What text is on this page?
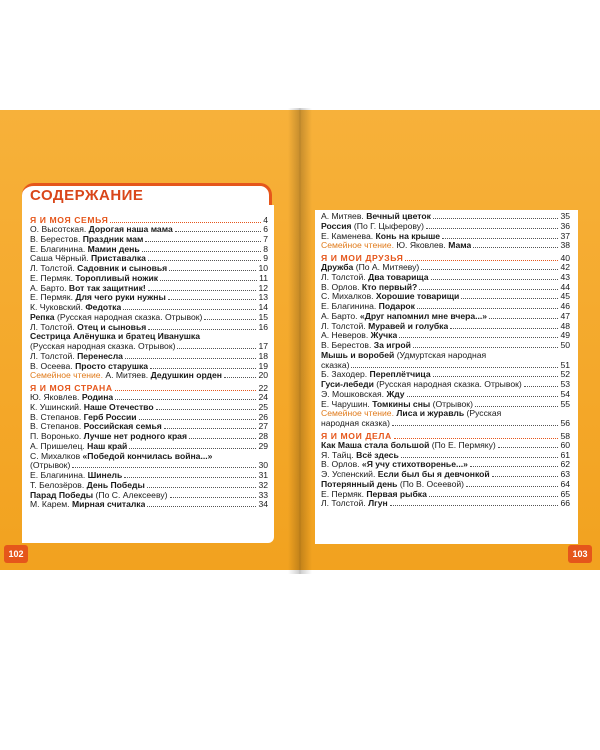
СОДЕРЖАНИЕ
Я И МОЯ СЕМЬЯ	4
О. Высотская. Дорогая наша мама	6
В. Берестов. Праздник мам	7
Е. Благинина. Мамин день	8
Саша Чёрный. Приставалка	9
Л. Толстой. Садовник и сыновья	10
Е. Пермяк. Торопливый ножик	11
А. Барто. Вот так защитник!	12
Е. Пермяк. Для чего руки нужны	13
К. Чуковский. Федотка	14
Репка (Русская народная сказка. Отрывок)	15
Л. Толстой. Отец и сыновья	16
Сестрица Алёнушка и братец Иванушка
(Русская народная сказка. Отрывок)	17
Л. Толстой. Перенесла	18
В. Осеева. Просто старушка	19
Семейное чтение. А. Митяев. Дедушкин орден	20
Я И МОЯ СТРАНА	22
Ю. Яковлев. Родина	24
К. Ушинский. Наше Отечество	25
В. Степанов. Герб России	26
В. Степанов. Российская семья	27
П. Воронько. Лучше нет родного края	28
А. Пришелец. Наш край	29
С. Михалков «Победой кончилась война...»
(Отрывок)	30
Е. Благинина. Шинель	31
Т. Белозёров. День Победы	32
Парад Победы (По С. Алексееву)	33
М. Карем. Мирная считалка	34
А. Митяев. Вечный цветок	35
Россия (По Г. Цыферову)	36
Е. Каменева. Конь на крыше	37
Семейное чтение. Ю. Яковлев. Мама	38
Я И МОИ ДРУЗЬЯ	40
Дружба (По А. Митяеву)	42
Л. Толстой. Два товарища	43
В. Орлов. Кто первый?	44
С. Михалков. Хорошие товарищи	45
Е. Благинина. Подарок	46
А. Барто. «Друг напомнил мне вчера...»	47
Л. Толстой. Муравей и голубка	48
А. Неверов. Жучка	49
В. Берестов. За игрой	50
Мышь и воробей (Удмуртская народная
сказка)	51
Б. Заходер. Переплётчица	52
Гуси-лебеди (Русская народная сказка. Отрывок)	53
Э. Мошковская. Жду	54
Е. Чарушин. Томкины сны (Отрывок)	55
Семейное чтение. Лиса и журавль (Русская
народная сказка)	56
Я И МОИ ДЕЛА	58
Как Маша стала большой (По Е. Пермяку)	60
Я. Тайц. Всё здесь	61
В. Орлов. «Я учу стихотворенье...»	62
Э. Успенский. Если был бы я девчонкой	63
Потерянный день (По В. Осеевой)	64
Е. Пермяк. Первая рыбка	65
Л. Толстой. Лгун	66
102	103
